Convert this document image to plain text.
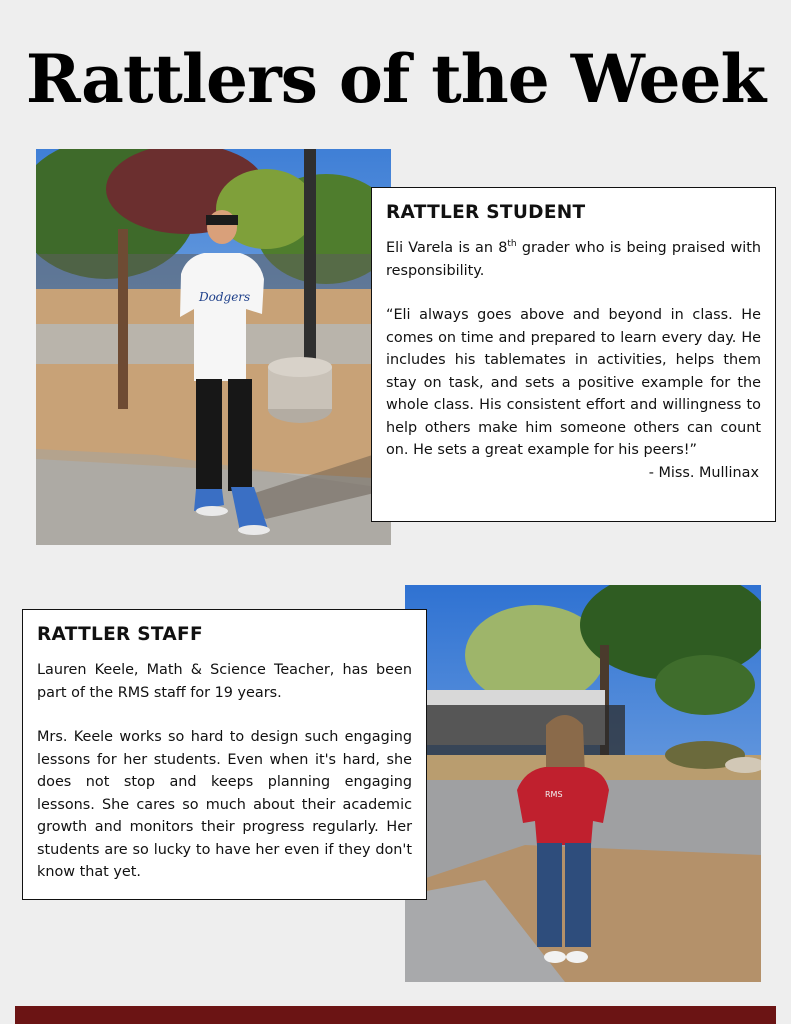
Rattlers of the Week
Dodgers
RATTLER STUDENT

Eli Varela is an 8th grader who is being praised with responsibility.

“Eli always goes above and beyond in class. He comes on time and prepared to learn every day. He includes his tablemates in activities, helps them stay on task, and sets a positive example for the whole class. His consistent effort and willingness to help others make him someone others can count on. He sets a great example for his peers!”

- Miss. Mullinax

RMS
RATTLER STAFF

Lauren Keele, Math & Science Teacher, has been part of the RMS staff for 19 years.

Mrs. Keele works so hard to design such engaging lessons for her students. Even when it's hard, she does not stop and keeps planning engaging lessons. She cares so much about their academic growth and monitors their progress regularly. Her students are so lucky to have her even if they don't know that yet.
